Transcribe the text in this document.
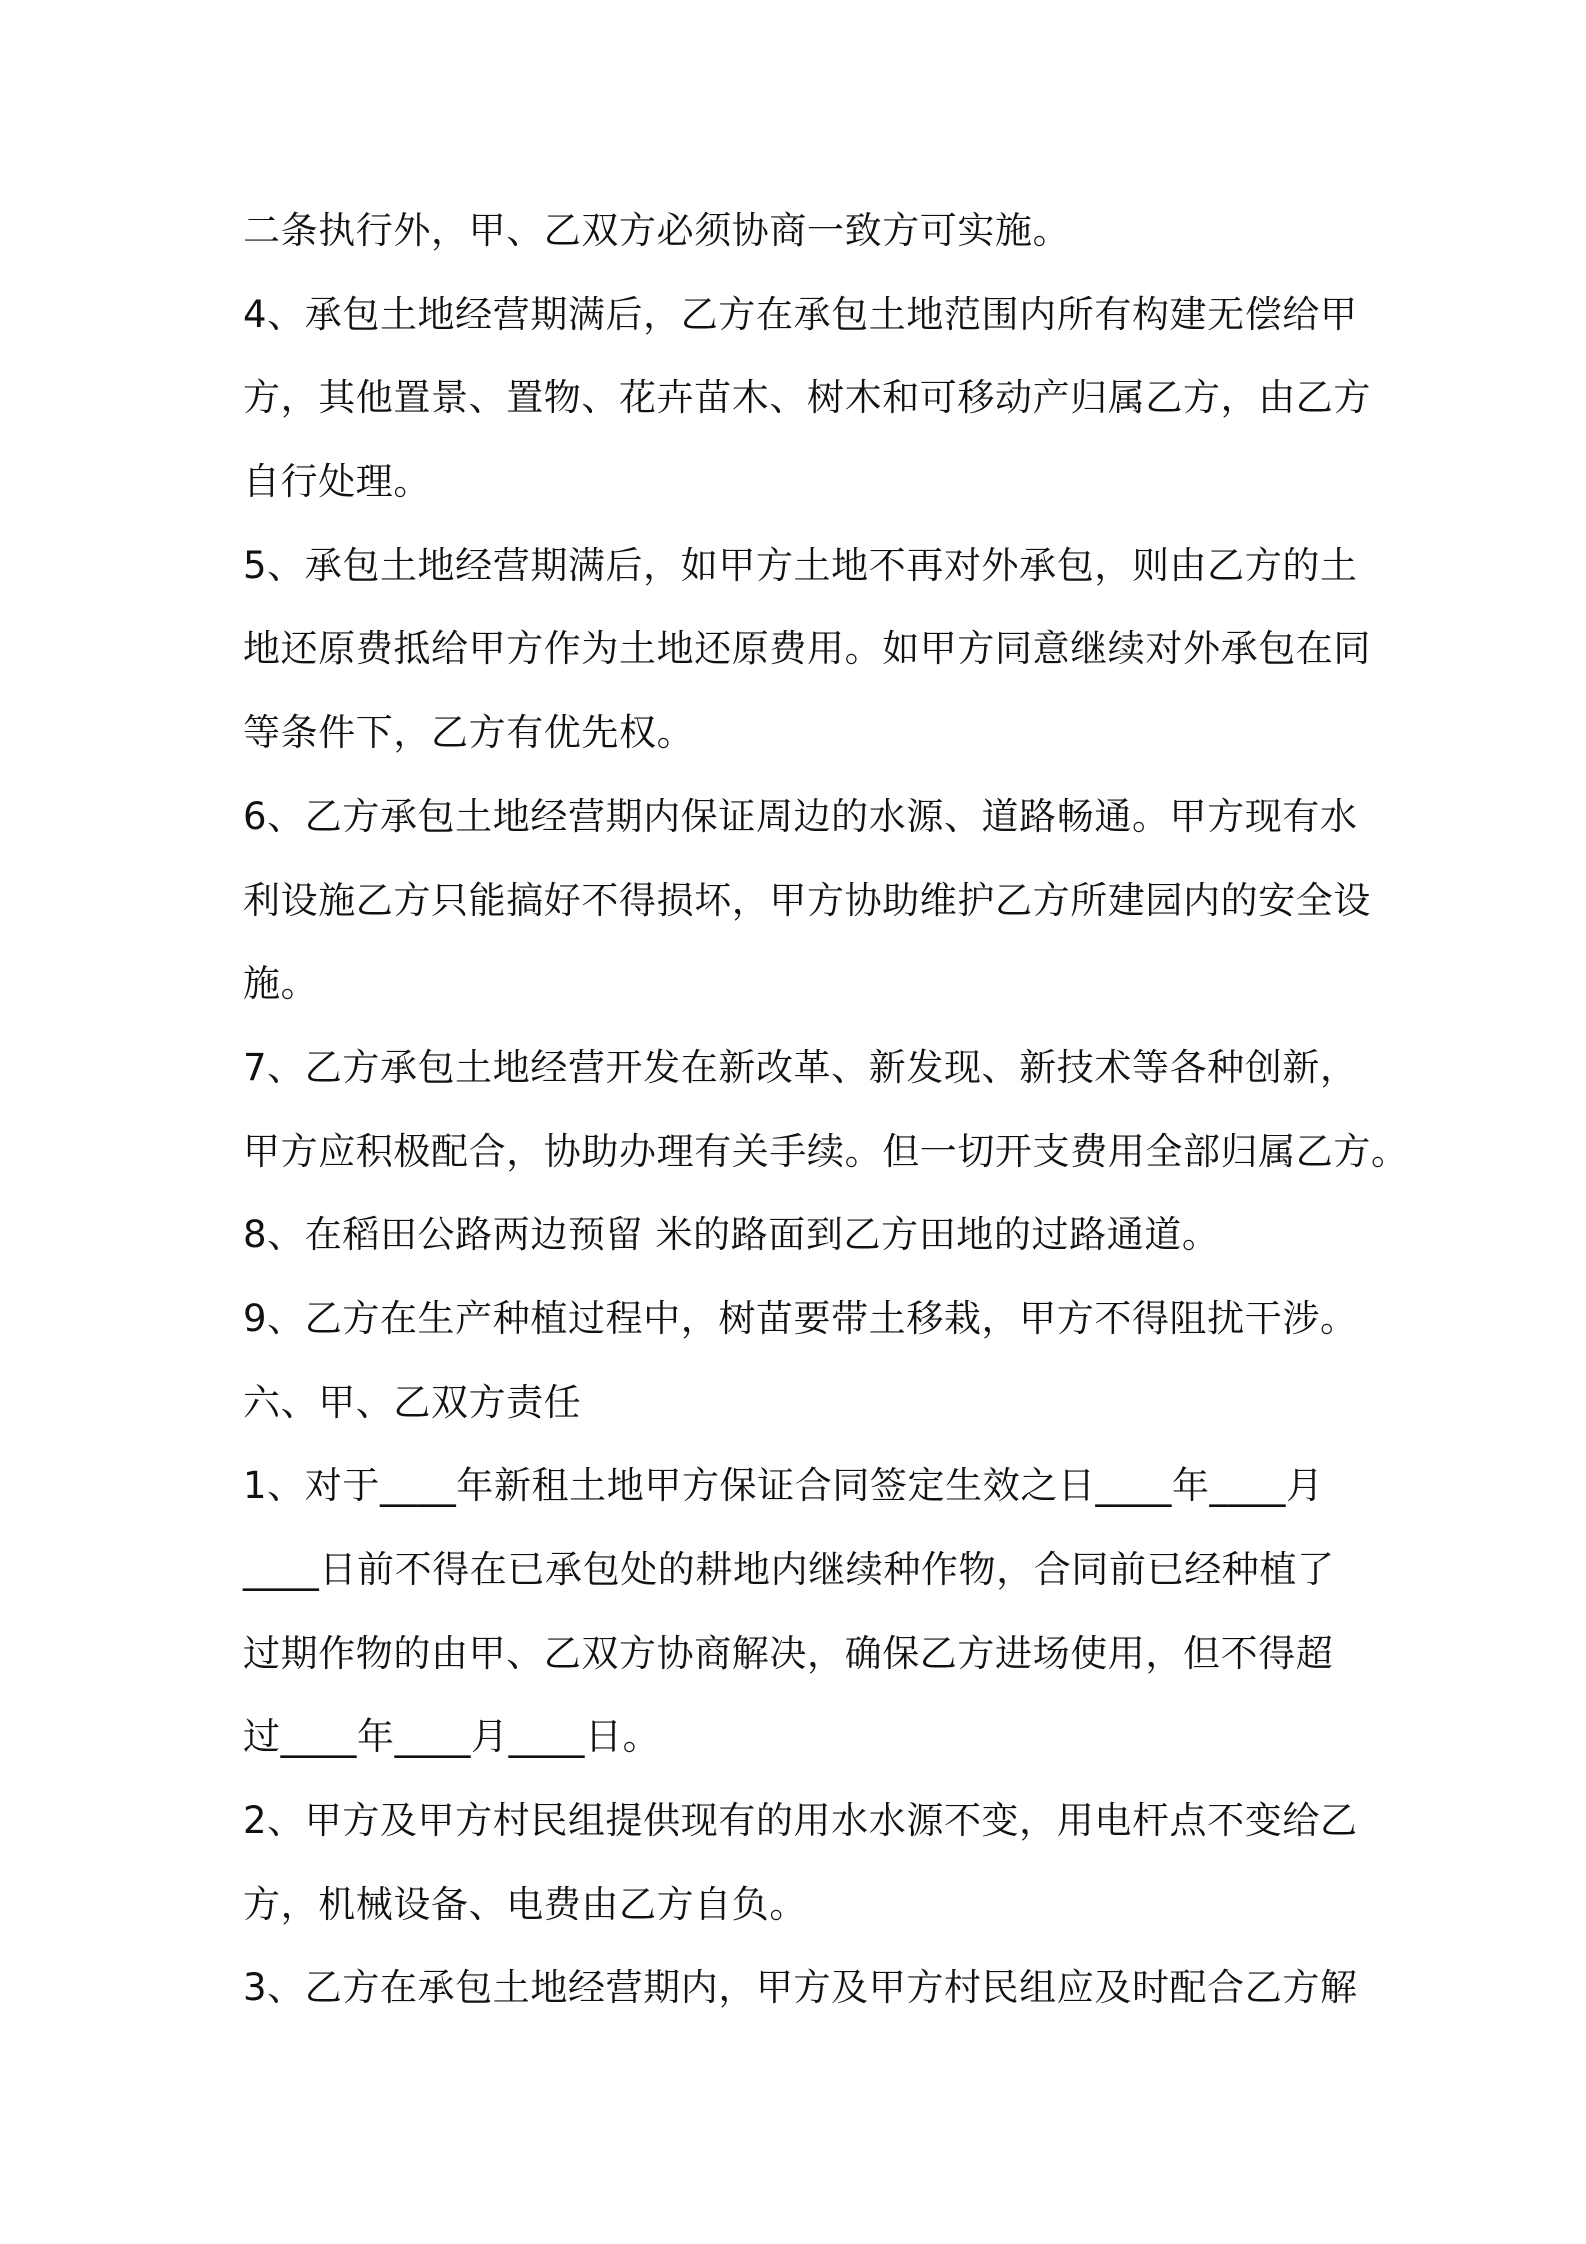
二条执行外，甲、乙双方必须协商一致方可实施。
4、承包土地经营期满后，乙方在承包土地范围内所有构建无偿给甲
方，其他置景、置物、花卉苗木、树木和可移动产归属乙方，由乙方
自行处理。
5、承包土地经营期满后，如甲方土地不再对外承包，则由乙方的土
地还原费抵给甲方作为土地还原费用。如甲方同意继续对外承包在同
等条件下，乙方有优先权。
6、乙方承包土地经营期内保证周边的水源、道路畅通。甲方现有水
利设施乙方只能搞好不得损坏，甲方协助维护乙方所建园内的安全设
施。
7、乙方承包土地经营开发在新改革、新发现、新技术等各种创新，
甲方应积极配合，协助办理有关手续。但一切开支费用全部归属乙方。
8、在稻田公路两边预留 米的路面到乙方田地的过路通道。
9、乙方在生产种植过程中，树苗要带土移栽，甲方不得阻扰干涉。
六、甲、乙双方责任
1、对于____年新租土地甲方保证合同签定生效之日____年____月
____日前不得在已承包处的耕地内继续种作物，合同前已经种植了
过期作物的由甲、乙双方协商解决，确保乙方进场使用，但不得超
过____年____月____日。
2、甲方及甲方村民组提供现有的用水水源不变，用电杆点不变给乙
方，机械设备、电费由乙方自负。
3、乙方在承包土地经营期内，甲方及甲方村民组应及时配合乙方解
